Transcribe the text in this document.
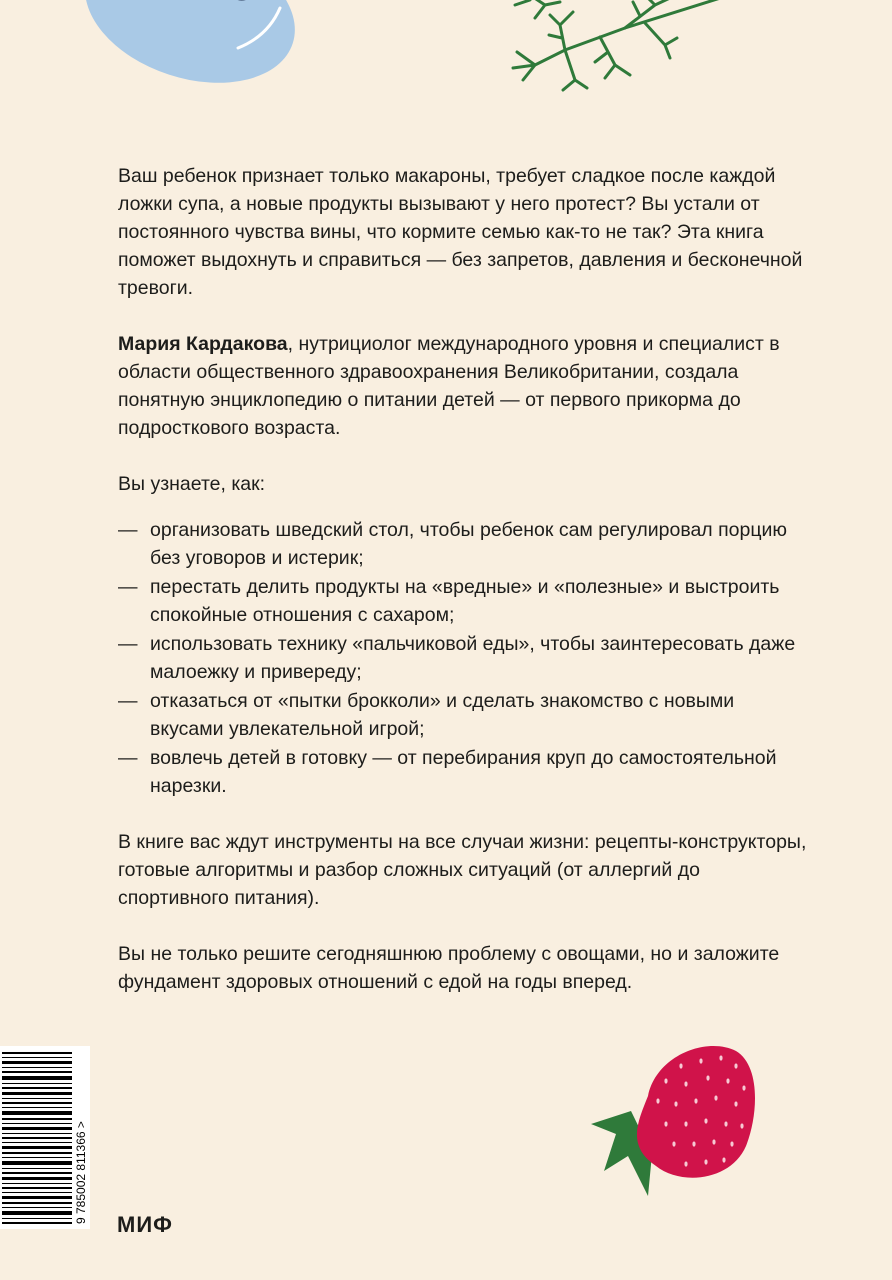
Ваш ребенок признает только макароны, требует сладкое после каждой ложки супа, а новые продукты вызывают у него протест? Вы устали от постоянного чувства вины, что кормите семью как-то не так? Эта книга поможет выдохнуть и справиться — без запретов, давления и бесконечной тревоги.

Мария Кардакова, нутрициолог международного уровня и специалист в области общественного здравоохранения Великобритании, создала понятную энциклопедию о питании детей — от первого прикорма до подросткового возраста.

Вы узнаете, как:

— организовать шведский стол, чтобы ребенок сам регулировал порцию без уговоров и истерик;
— перестать делить продукты на «вредные» и «полезные» и выстроить спокойные отношения с сахаром;
— использовать технику «пальчиковой еды», чтобы заинтересовать даже малоежку и привереду;
— отказаться от «пытки брокколи» и сделать знакомство с новыми вкусами увлекательной игрой;
— вовлечь детей в готовку — от перебирания круп до самостоятельной нарезки.

В книге вас ждут инструменты на все случаи жизни: рецепты-конструкторы, готовые алгоритмы и разбор сложных ситуаций (от аллергий до спортивного питания).

Вы не только решите сегодняшнюю проблему с овощами, но и заложите фундамент здоровых отношений с едой на годы вперед.

9 785002 811366 >
МИФ
